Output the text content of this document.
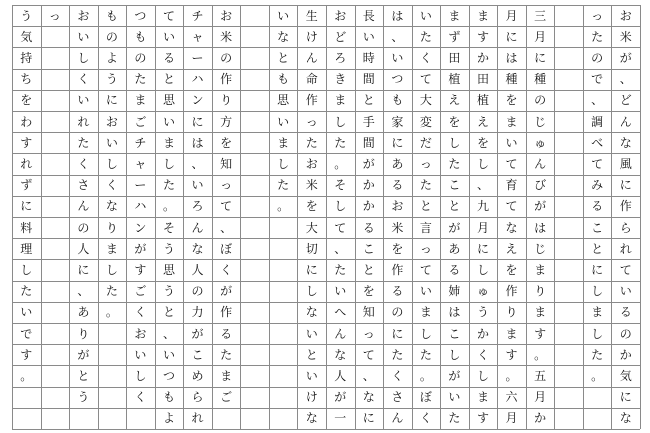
お
米
が
、
ど
ん
な
風
に
作
ら
れ
て
い
る
の
か
気
に
な
っ
た
の
で
、
調
べ
て
み
る
こ
と
に
し
ま
し
た
。
三
月
に
種
の
じ
ゅ
ん
び
が
は
じ
ま
り
ま
す
。
五
月
か
月
に
は
種
を
ま
い
て
育
て
な
え
を
作
り
ま
す
。
六
月
ま
す
か
田
植
え
を
し
、
九
月
に
し
ゅ
う
か
く
し
ま
す
ま
ず
田
植
え
を
し
た
こ
と
が
あ
る
姉
は
こ
し
が
い
た
い
た
く
て
大
変
だ
っ
た
と
言
っ
て
い
ま
し
た
。
ぼ
く
は
、
い
つ
も
家
に
あ
る
お
米
を
作
る
の
に
た
く
さ
ん
長
い
時
間
と
手
間
が
か
か
る
こ
と
を
知
っ
て
、
な
に
お
ど
ろ
き
ま
し
た
。
そ
し
て
、
た
い
へ
ん
な
人
が
一
生
け
ん
命
作
っ
た
お
米
を
大
切
に
し
な
い
と
い
け
な
い
な
と
も
思
い
ま
し
た
。
お
米
の
作
り
方
を
知
っ
て
、
ぼ
く
が
作
る
た
ま
ご
チ
ャ
ー
ハ
ン
に
は
、
い
ろ
ん
な
人
の
力
が
こ
め
ら
れ
て
い
る
と
思
い
ま
し
た
。
そ
う
思
う
と
、
い
つ
も
よ
つ
も
の
た
ま
ご
チ
ャ
ー
ハ
ン
が
す
ご
く
お
い
し
く
も
の
よ
う
に
お
い
し
く
な
り
ま
し
た
。
お
い
し
く
い
れ
た
く
さ
ん
の
人
に
、
あ
り
が
と
う
っ
う
気
持
ち
を
わ
す
れ
ず
に
料
理
し
た
い
で
す
。
